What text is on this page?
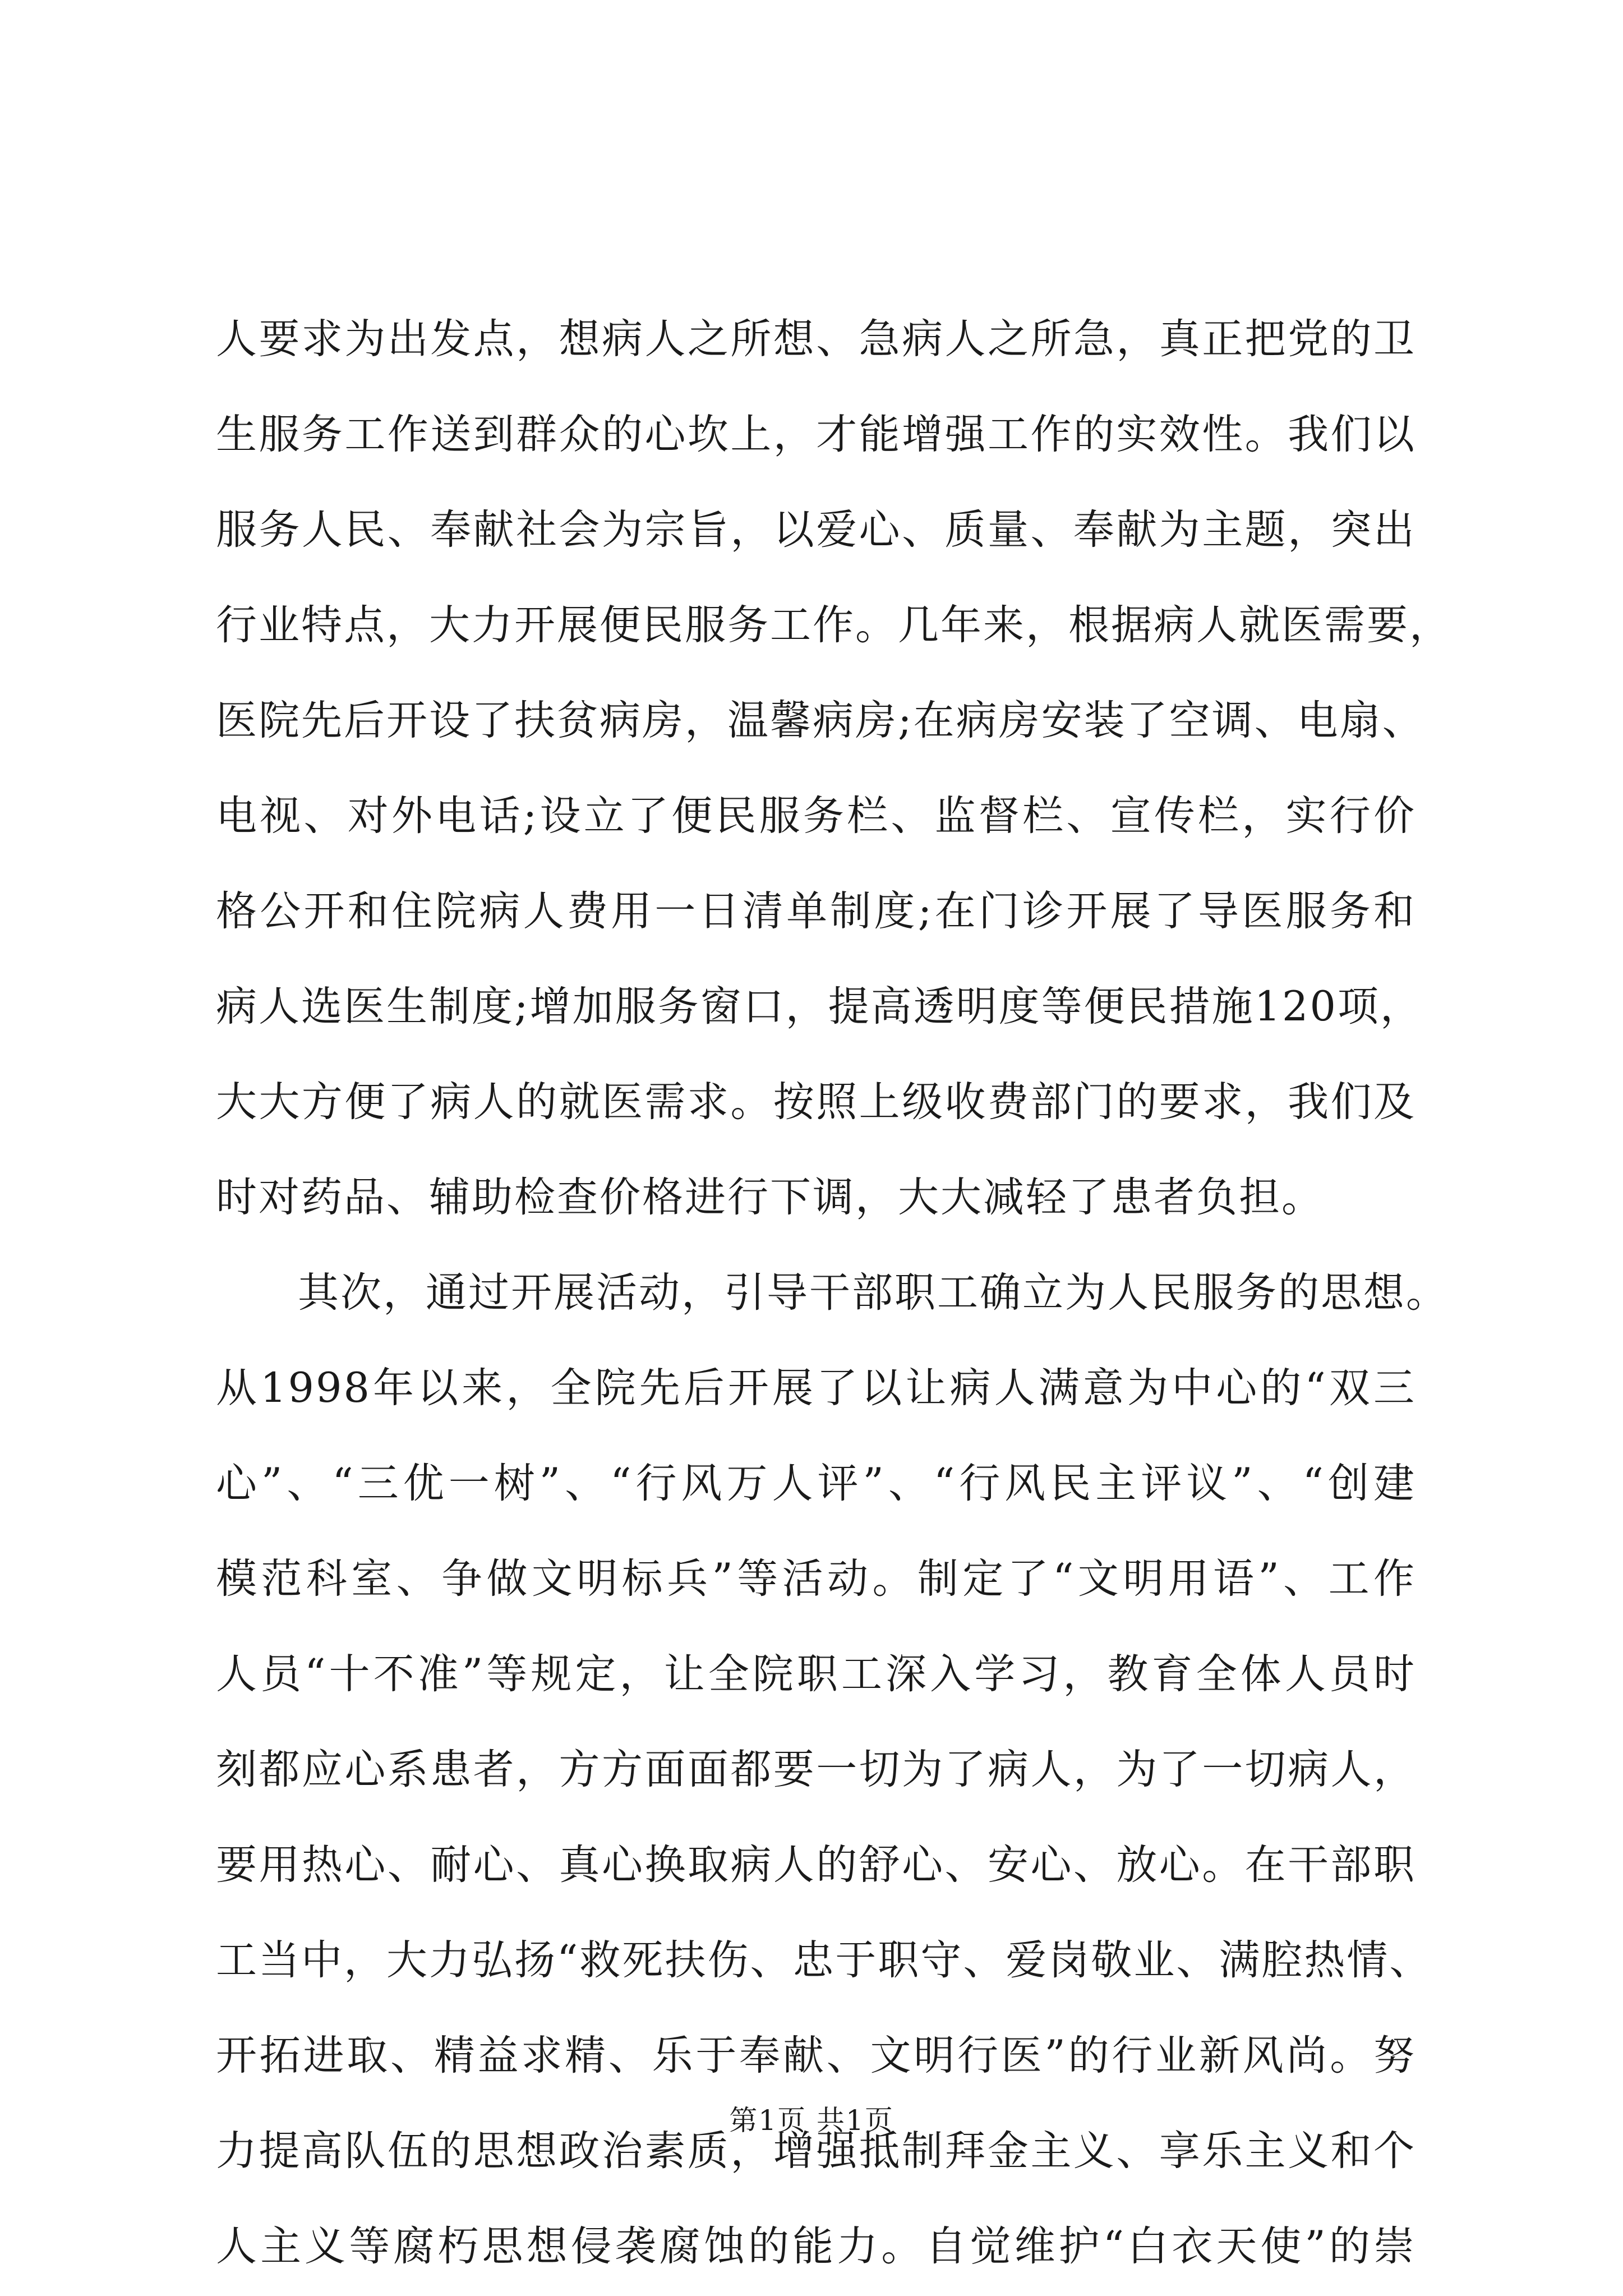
人要求为出发点，想病人之所想、急病人之所急，真正把党的卫
生服务工作送到群众的心坎上，才能增强工作的实效性。我们以
服务人民、奉献社会为宗旨，以爱心、质量、奉献为主题，突出
行业特点，大力开展便民服务工作。几年来，根据病人就医需要，
医院先后开设了扶贫病房，温馨病房;在病房安装了空调、电扇、
电视、对外电话;设立了便民服务栏、监督栏、宣传栏，实行价
格公开和住院病人费用一日清单制度;在门诊开展了导医服务和
病人选医生制度;增加服务窗口，提高透明度等便民措施120项，
大大方便了病人的就医需求。按照上级收费部门的要求，我们及
时对药品、辅助检查价格进行下调，大大减轻了患者负担。
其次，通过开展活动，引导干部职工确立为人民服务的思想。
从1998年以来，全院先后开展了以让病人满意为中心的“双三
心”、“三优一树”、“行风万人评”、“行风民主评议”、“创建
模范科室、争做文明标兵”等活动。制定了“文明用语”、工作
人员“十不准”等规定，让全院职工深入学习，教育全体人员时
刻都应心系患者，方方面面都要一切为了病人，为了一切病人，
要用热心、耐心、真心换取病人的舒心、安心、放心。在干部职
工当中，大力弘扬“救死扶伤、忠于职守、爱岗敬业、满腔热情、
开拓进取、精益求精、乐于奉献、文明行医”的行业新风尚。努
力提高队伍的思想政治素质，增强抵制拜金主义、享乐主义和个
人主义等腐朽思想侵袭腐蚀的能力。自觉维护“白衣天使”的崇
第1页 共1页
